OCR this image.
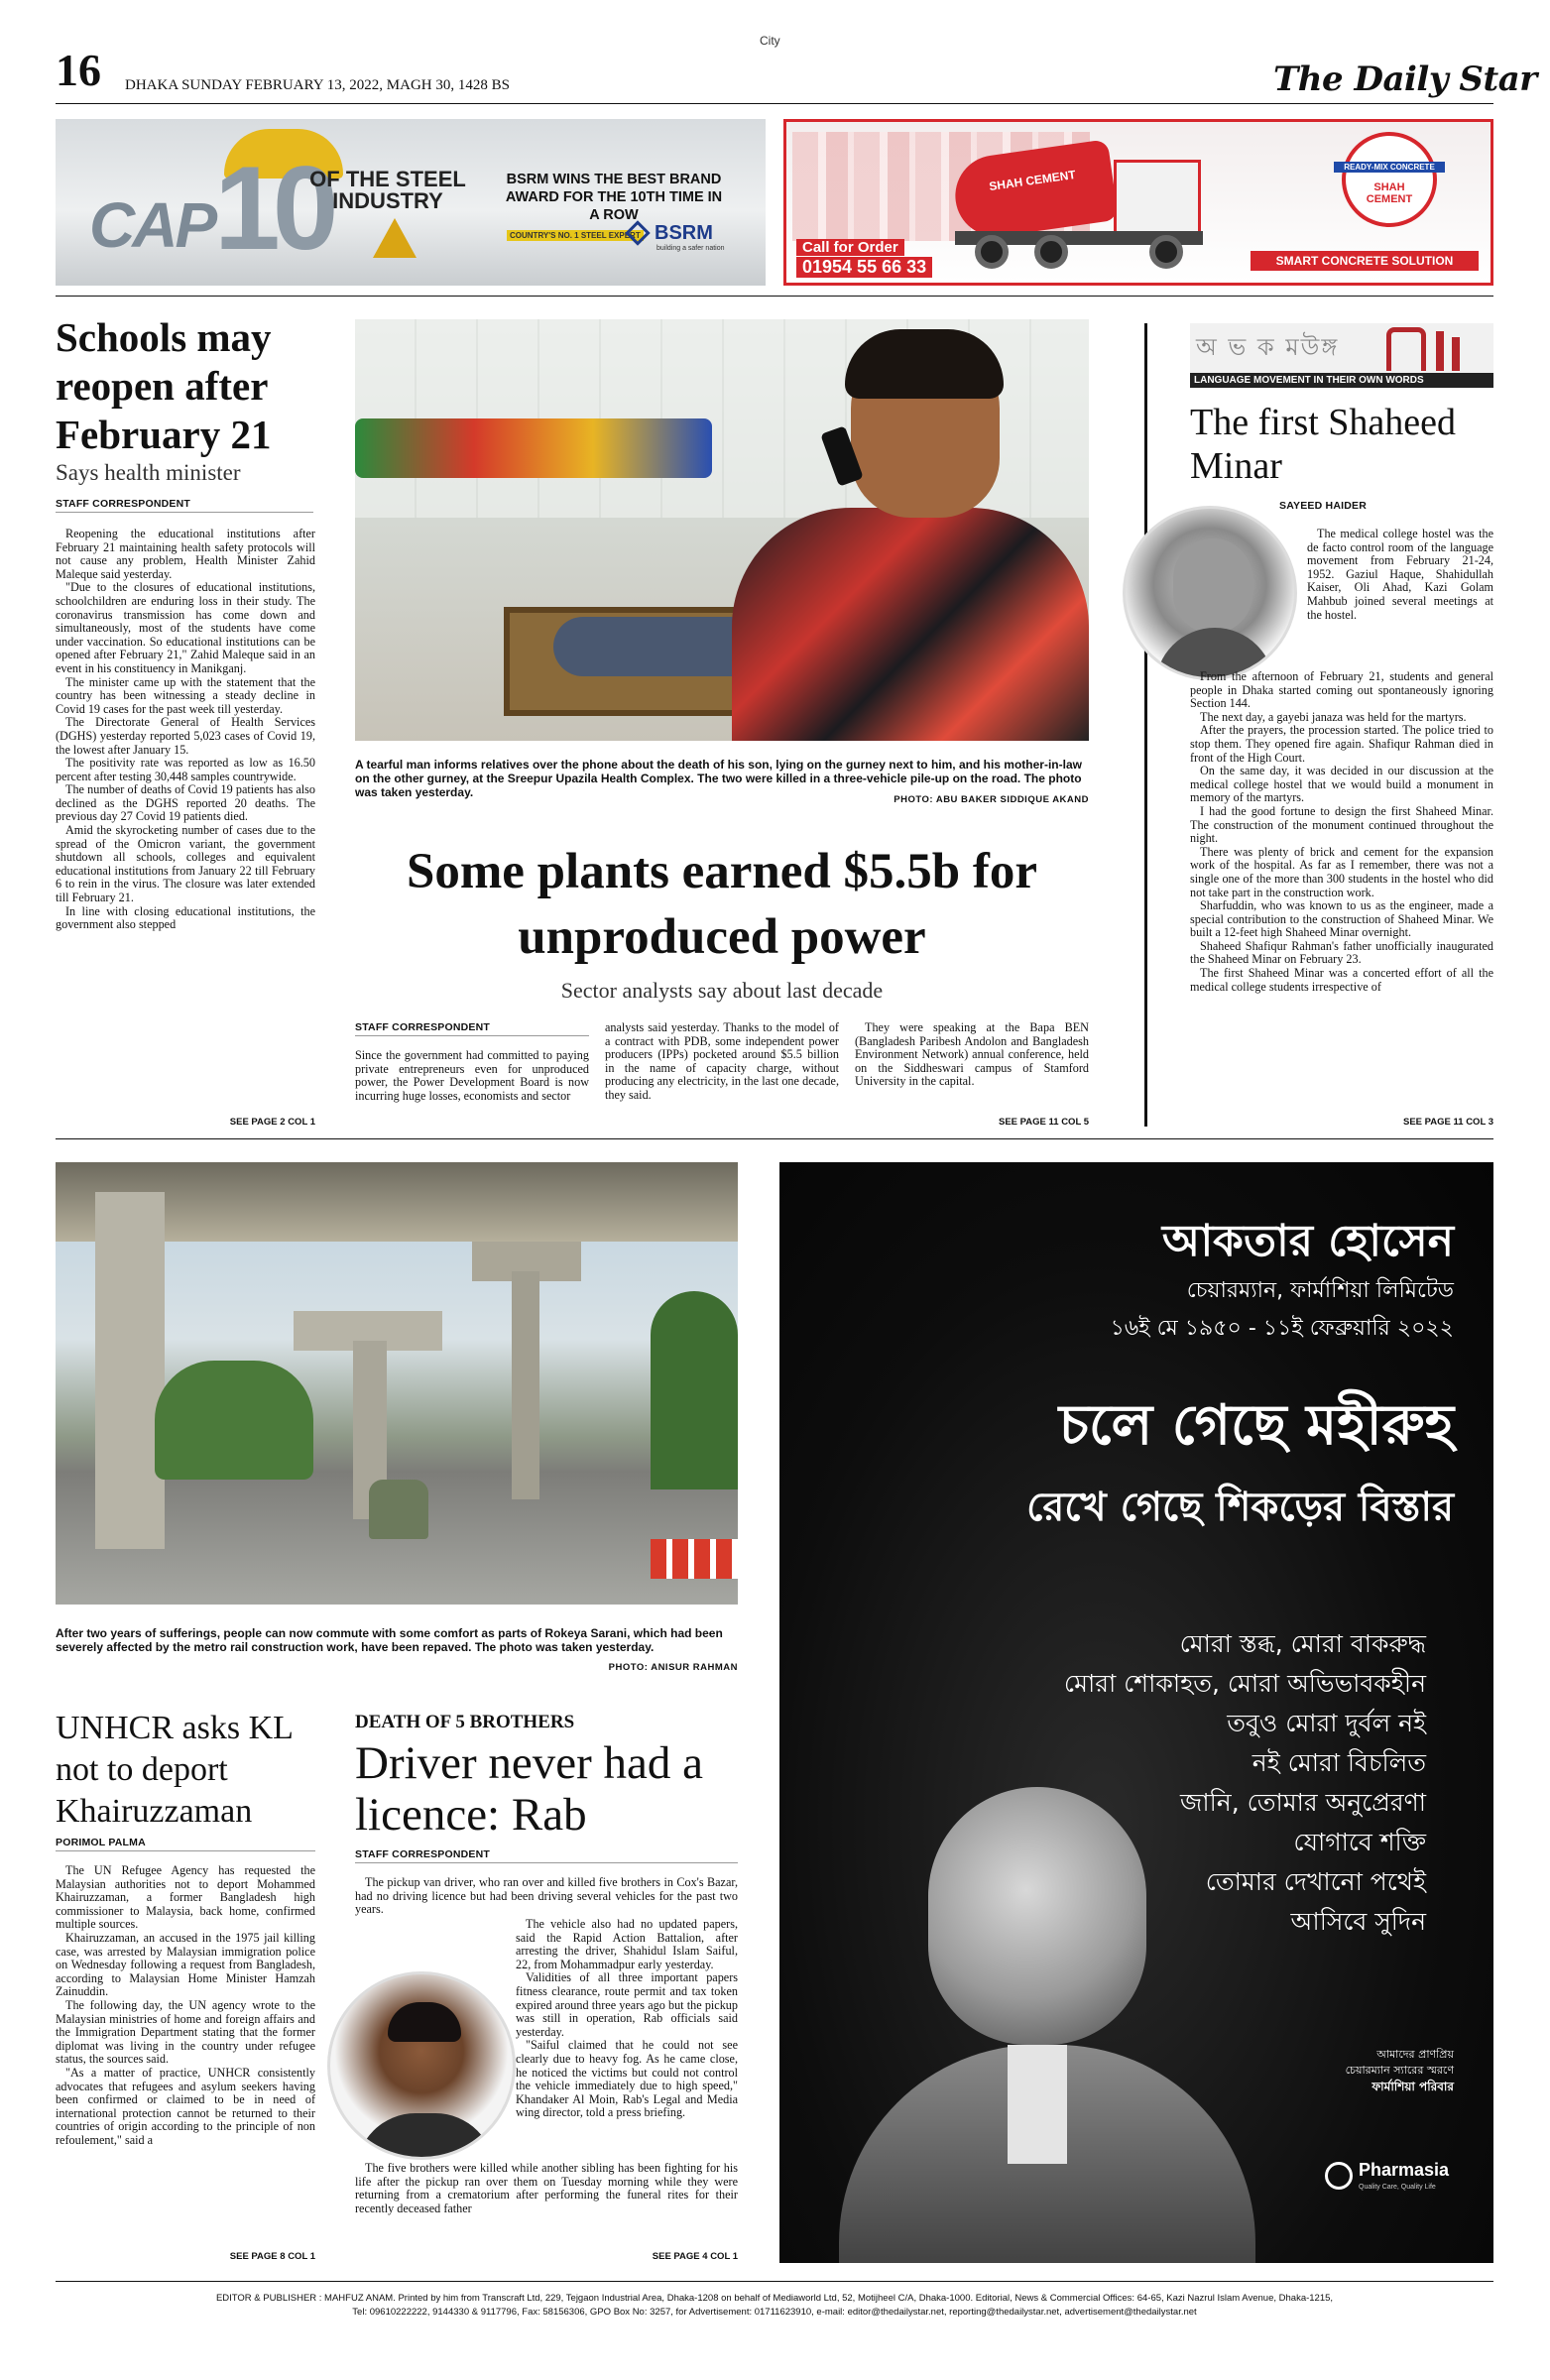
City
16 DHAKA SUNDAY FEBRUARY 13, 2022, MAGH 30, 1428 BS	The Daily Star
CAP 10
OF THE STEEL INDUSTRY
BSRM WINS THE BEST BRAND AWARD FOR THE 10TH TIME IN A ROW
COUNTRY'S NO. 1 STEEL EXPERT BSRM
building a safer nation
SHAH CEMENT
Call for Order
01954 55 66 33
READY-MIX CONCRETE
SHAH CEMENT
SMART CONCRETE SOLUTION
Schools may reopen after February 21
Says health minister
STAFF CORRESPONDENT

Reopening the educational institutions after February 21 maintaining health safety protocols will not cause any problem, Health Minister Zahid Maleque said yesterday.

"Due to the closures of educational institutions, schoolchildren are enduring loss in their study. The coronavirus transmission has come down and simultaneously, most of the students have come under vaccination. So educational institutions can be opened after February 21," Zahid Maleque said in an event in his constituency in Manikganj.

The minister came up with the statement that the country has been witnessing a steady decline in Covid 19 cases for the past week till yesterday.

The Directorate General of Health Services (DGHS) yesterday reported 5,023 cases of Covid 19, the lowest after January 15.

The positivity rate was reported as low as 16.50 percent after testing 30,448 samples countrywide.

The number of deaths of Covid 19 patients has also declined as the DGHS reported 20 deaths. The previous day 27 Covid 19 patients died.

Amid the skyrocketing number of cases due to the spread of the Omicron variant, the government shutdown all schools, colleges and equivalent educational institutions from January 22 till February 6 to rein in the virus. The closure was later extended till February 21.

In line with closing educational institutions, the government also stepped

SEE PAGE 2 COL 1
A tearful man informs relatives over the phone about the death of his son, lying on the gurney next to him, and his mother-in-law on the other gurney, at the Sreepur Upazila Health Complex. The two were killed in a three-vehicle pile-up on the road. The photo was taken yesterday.
PHOTO: ABU BAKER SIDDIQUE AKAND
Some plants earned $5.5b for unproduced power
Sector analysts say about last decade
STAFF CORRESPONDENT

Since the government had committed to paying private entrepreneurs even for unproduced power, the Power Development Board is now incurring huge losses, economists and sector

analysts said yesterday. Thanks to the model of a contract with PDB, some independent power producers (IPPs) pocketed around $5.5 billion in the name of capacity charge, without producing any electricity, in the last one decade, they said.

They were speaking at the Bapa BEN (Bangladesh Paribesh Andolon and Bangladesh Environment Network) annual conference, held on the Siddheswari campus of Stamford University in the capital.

SEE PAGE 11 COL 5
অ ভ ক মউঙ্গ
LANGUAGE MOVEMENT IN THEIR OWN WORDS
The first Shaheed Minar
SAYEED HAIDER

The medical college hostel was the de facto control room of the language movement from February 21-24, 1952. Gaziul Haque, Shahidullah Kaiser, Oli Ahad, Kazi Golam Mahbub joined several meetings at the hostel.

From the afternoon of February 21, students and general people in Dhaka started coming out spontaneously ignoring Section 144.

The next day, a gayebi janaza was held for the martyrs.

After the prayers, the procession started. The police tried to stop them. They opened fire again. Shafiqur Rahman died in front of the High Court.

On the same day, it was decided in our discussion at the medical college hostel that we would build a monument in memory of the martyrs.

I had the good fortune to design the first Shaheed Minar. The construction of the monument continued throughout the night.

There was plenty of brick and cement for the expansion work of the hospital. As far as I remember, there was not a single one of the more than 300 students in the hostel who did not take part in the construction work.

Sharfuddin, who was known to us as the engineer, made a special contribution to the construction of Shaheed Minar. We built a 12-feet high Shaheed Minar overnight.

Shaheed Shafiqur Rahman's father unofficially inaugurated the Shaheed Minar on February 23.

The first Shaheed Minar was a concerted effort of all the medical college students irrespective of

SEE PAGE 11 COL 3
After two years of sufferings, people can now commute with some comfort as parts of Rokeya Sarani, which had been severely affected by the metro rail construction work, have been repaved. The photo was taken yesterday.
PHOTO: ANISUR RAHMAN
আকতার হোসেন
চেয়ারম্যান, ফার্মাশিয়া লিমিটেড
১৬ই মে ১৯৫০ - ১১ই ফেব্রুয়ারি ২০২২
চলে গেছে মহীরুহ
রেখে গেছে শিকড়ের বিস্তার
মোরা স্তব্ধ, মোরা বাকরুদ্ধ
মোরা শোকাহত, মোরা অভিভাবকহীন
তবুও মোরা দুর্বল নই
নই মোরা বিচলিত
জানি, তোমার অনুপ্রেরণা
যোগাবে শক্তি
তোমার দেখানো পথেই
আসিবে সুদিন
আমাদের প্রাণপ্রিয়
চেয়ারম্যান স্যারের স্মরণে
ফার্মাশিয়া পরিবার
Pharmasia
Quality Care, Quality Life
UNHCR asks KL not to deport Khairuzzaman
PORIMOL PALMA

The UN Refugee Agency has requested the Malaysian authorities not to deport Mohammed Khairuzzaman, a former Bangladesh high commissioner to Malaysia, back home, confirmed multiple sources.

Khairuzzaman, an accused in the 1975 jail killing case, was arrested by Malaysian immigration police on Wednesday following a request from Bangladesh, according to Malaysian Home Minister Hamzah Zainuddin.

The following day, the UN agency wrote to the Malaysian ministries of home and foreign affairs and the Immigration Department stating that the former diplomat was living in the country under refugee status, the sources said.

"As a matter of practice, UNHCR consistently advocates that refugees and asylum seekers having been confirmed or claimed to be in need of international protection cannot be returned to their countries of origin according to the principle of non refoulement," said a

SEE PAGE 8 COL 1
DEATH OF 5 BROTHERS
Driver never had a licence: Rab
STAFF CORRESPONDENT

The pickup van driver, who ran over and killed five brothers in Cox's Bazar, had no driving licence but had been driving several vehicles for the past two years.

The vehicle also had no updated papers, said the Rapid Action Battalion, after arresting the driver, Shahidul Islam Saiful, 22, from Mohammadpur early yesterday.

Validities of all three important papers fitness clearance, route permit and tax token expired around three years ago but the pickup was still in operation, Rab officials said yesterday.

"Saiful claimed that he could not see clearly due to heavy fog. As he came close, he noticed the victims but could not control the vehicle immediately due to high speed," Khandaker Al Moin, Rab's Legal and Media wing director, told a press briefing.

The five brothers were killed while another sibling has been fighting for his life after the pickup ran over them on Tuesday morning while they were returning from a crematorium after performing the funeral rites for their recently deceased father

SEE PAGE 4 COL 1
EDITOR & PUBLISHER : MAHFUZ ANAM. Printed by him from Transcraft Ltd, 229, Tejgaon Industrial Area, Dhaka-1208 on behalf of Mediaworld Ltd, 52, Motijheel C/A, Dhaka-1000. Editorial, News & Commercial Offices: 64-65, Kazi Nazrul Islam Avenue, Dhaka-1215,
Tel: 09610222222, 9144330 & 9117796, Fax: 58156306, GPO Box No: 3257, for Advertisement: 01711623910, e-mail: editor@thedailystar.net, reporting@thedailystar.net, advertisement@thedailystar.net
